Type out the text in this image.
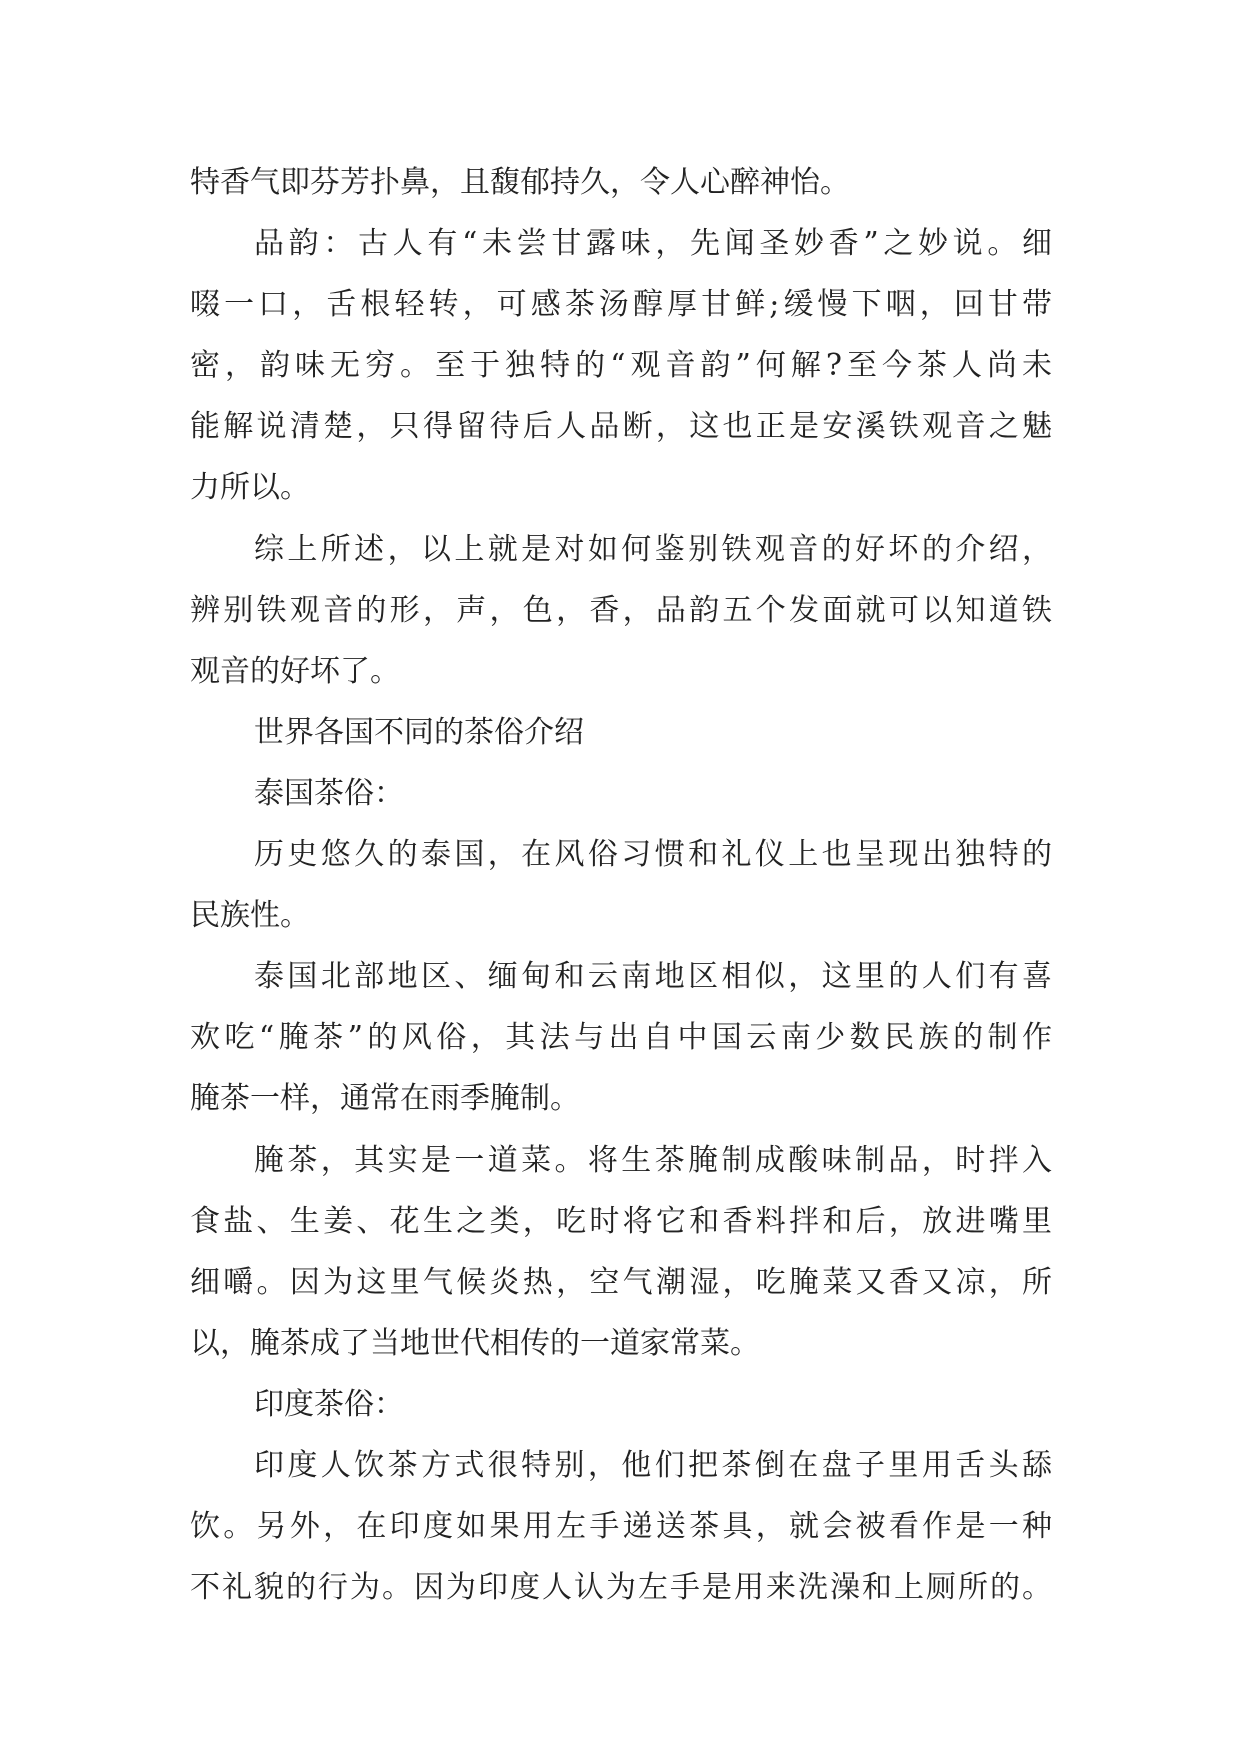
特香气即芬芳扑鼻，且馥郁持久，令人心醉神怡。
品韵：古人有“未尝甘露味，先闻圣妙香”之妙说。细
啜一口，舌根轻转，可感茶汤醇厚甘鲜;缓慢下咽，回甘带
密，韵味无穷。至于独特的“观音韵”何解?至今茶人尚未
能解说清楚，只得留待后人品断，这也正是安溪铁观音之魅
力所以。
综上所述，以上就是对如何鉴别铁观音的好坏的介绍，
辨别铁观音的形，声，色，香，品韵五个发面就可以知道铁
观音的好坏了。
世界各国不同的茶俗介绍
泰国茶俗：
历史悠久的泰国，在风俗习惯和礼仪上也呈现出独特的
民族性。
泰国北部地区、缅甸和云南地区相似，这里的人们有喜
欢吃“腌茶”的风俗，其法与出自中国云南少数民族的制作
腌茶一样，通常在雨季腌制。
腌茶，其实是一道菜。将生茶腌制成酸味制品，时拌入
食盐、生姜、花生之类，吃时将它和香料拌和后，放进嘴里
细嚼。因为这里气候炎热，空气潮湿，吃腌菜又香又凉，所
以，腌茶成了当地世代相传的一道家常菜。
印度茶俗：
印度人饮茶方式很特别，他们把茶倒在盘子里用舌头舔
饮。另外，在印度如果用左手递送茶具，就会被看作是一种
不礼貌的行为。因为印度人认为左手是用来洗澡和上厕所的。
